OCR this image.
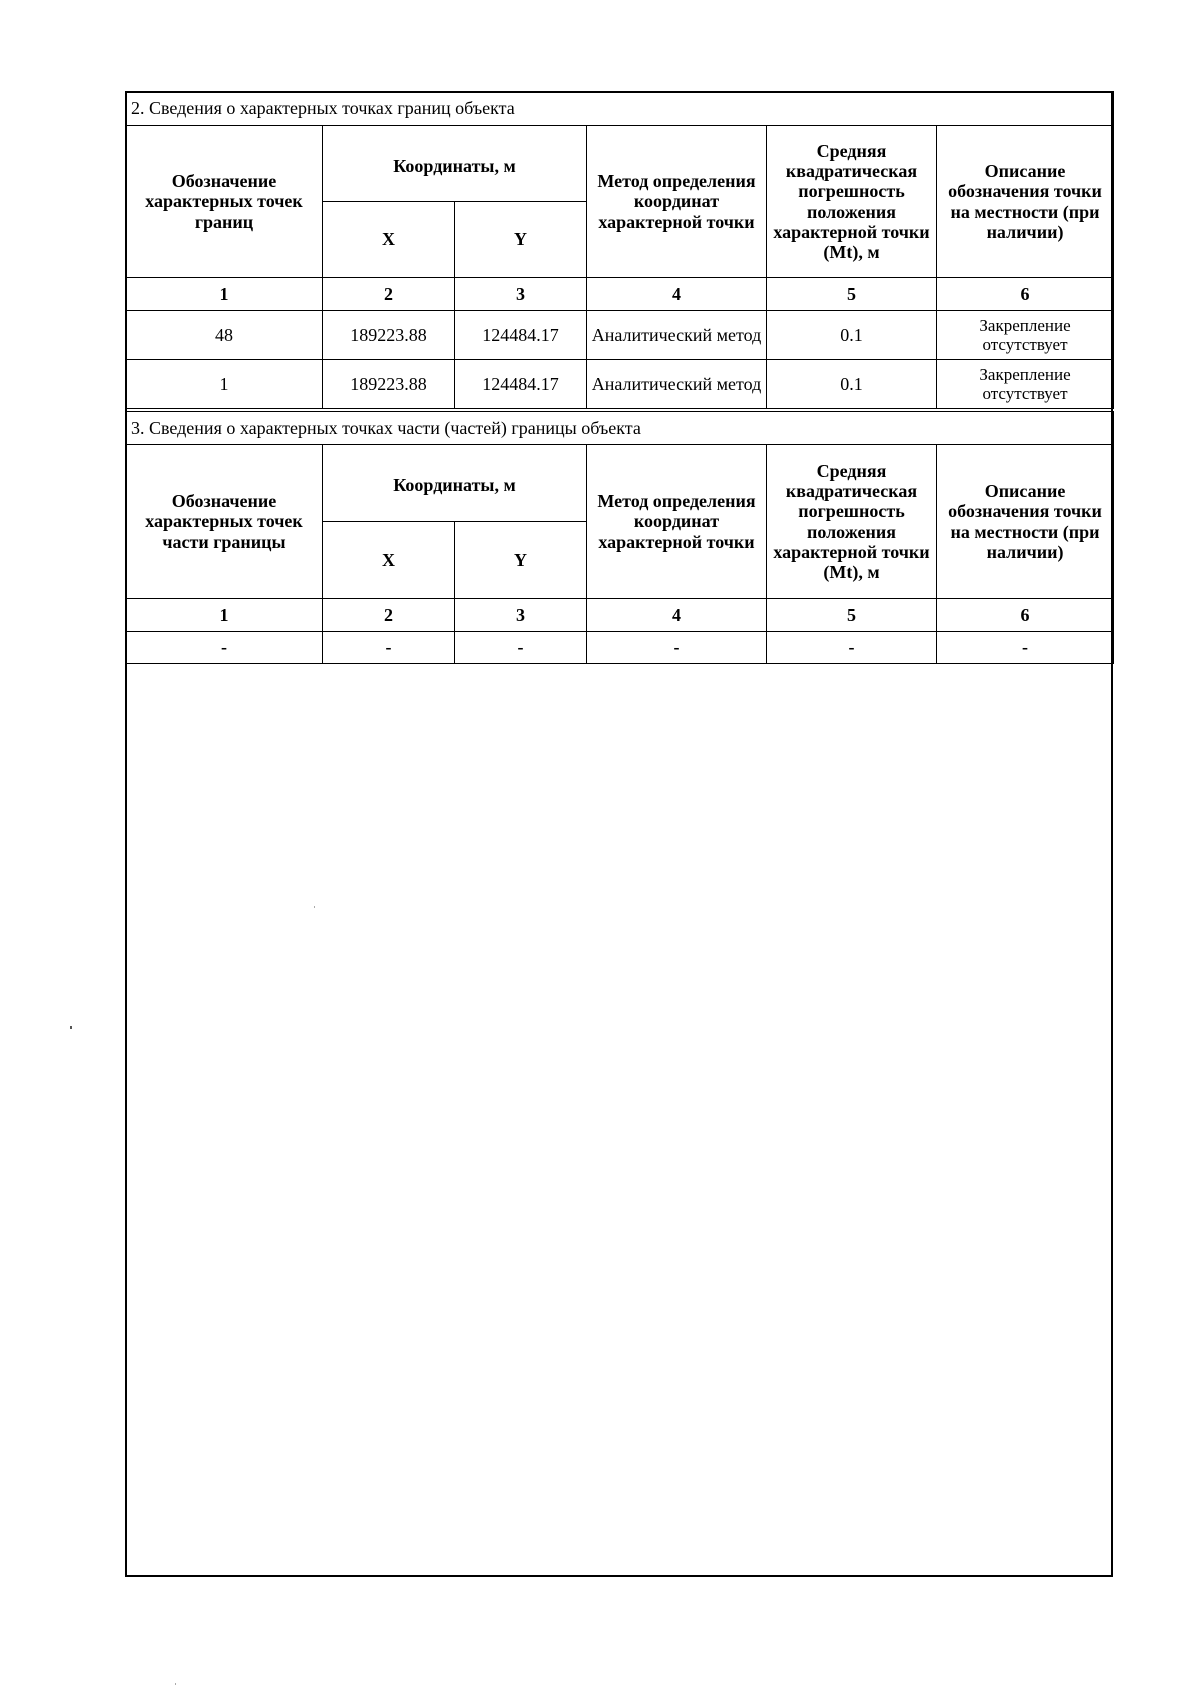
2. Сведения о характерных точках границ объекта					
Обозначение характерных точек границ	Координаты, м		Метод определения координат характерной точки	Средняя квадратическая погрешность положения характерной точки (Mt), м	Описание обозначения точки на местности (при наличии)
	X	Y			
1	2	3	4	5	6
48	189223.88	124484.17	Аналитический метод	0.1	Закрепление отсутствует
1	189223.88	124484.17	Аналитический метод	0.1	Закрепление отсутствует
3. Сведения о характерных точках части (частей) границы объекта					
Обозначение характерных точек части границы	Координаты, м		Метод определения координат характерной точки	Средняя квадратическая погрешность положения характерной точки (Mt), м	Описание обозначения точки на местности (при наличии)
	X	Y			
1	2	3	4	5	6
-	-	-	-	-	-
